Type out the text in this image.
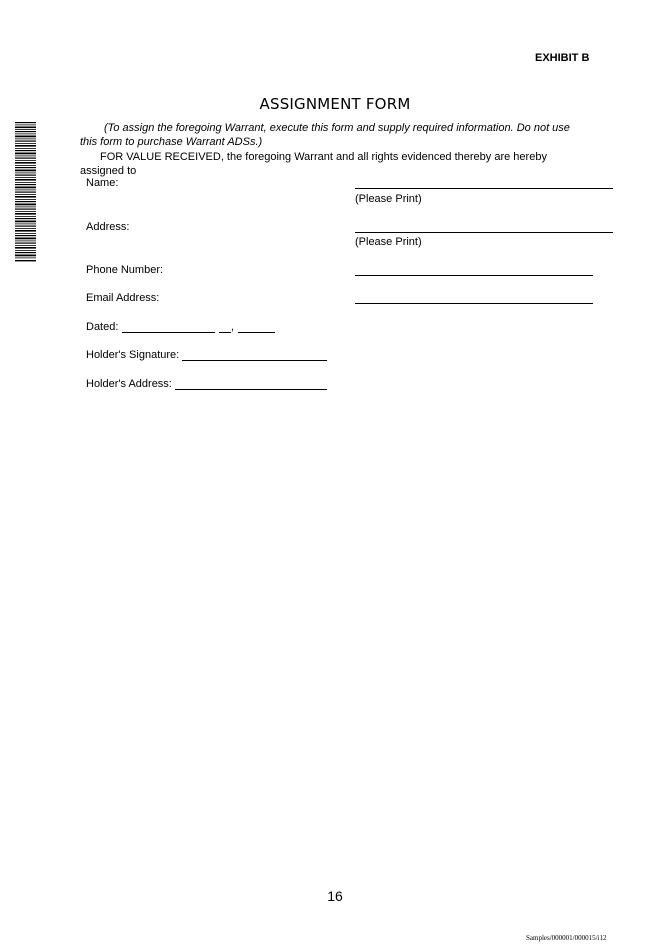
EXHIBIT B
ASSIGNMENT FORM
(To assign the foregoing Warrant, execute this form and supply required information. Do not use
this form to purchase Warrant ADSs.)
FOR VALUE RECEIVED, the foregoing Warrant and all rights evidenced thereby are hereby
assigned to
Name:
(Please Print)
Address:
(Please Print)
Phone Number:
Email Address:
Dated:	,
Holder's Signature:
Holder's Address:
16
Samples/000001/000015/i12
